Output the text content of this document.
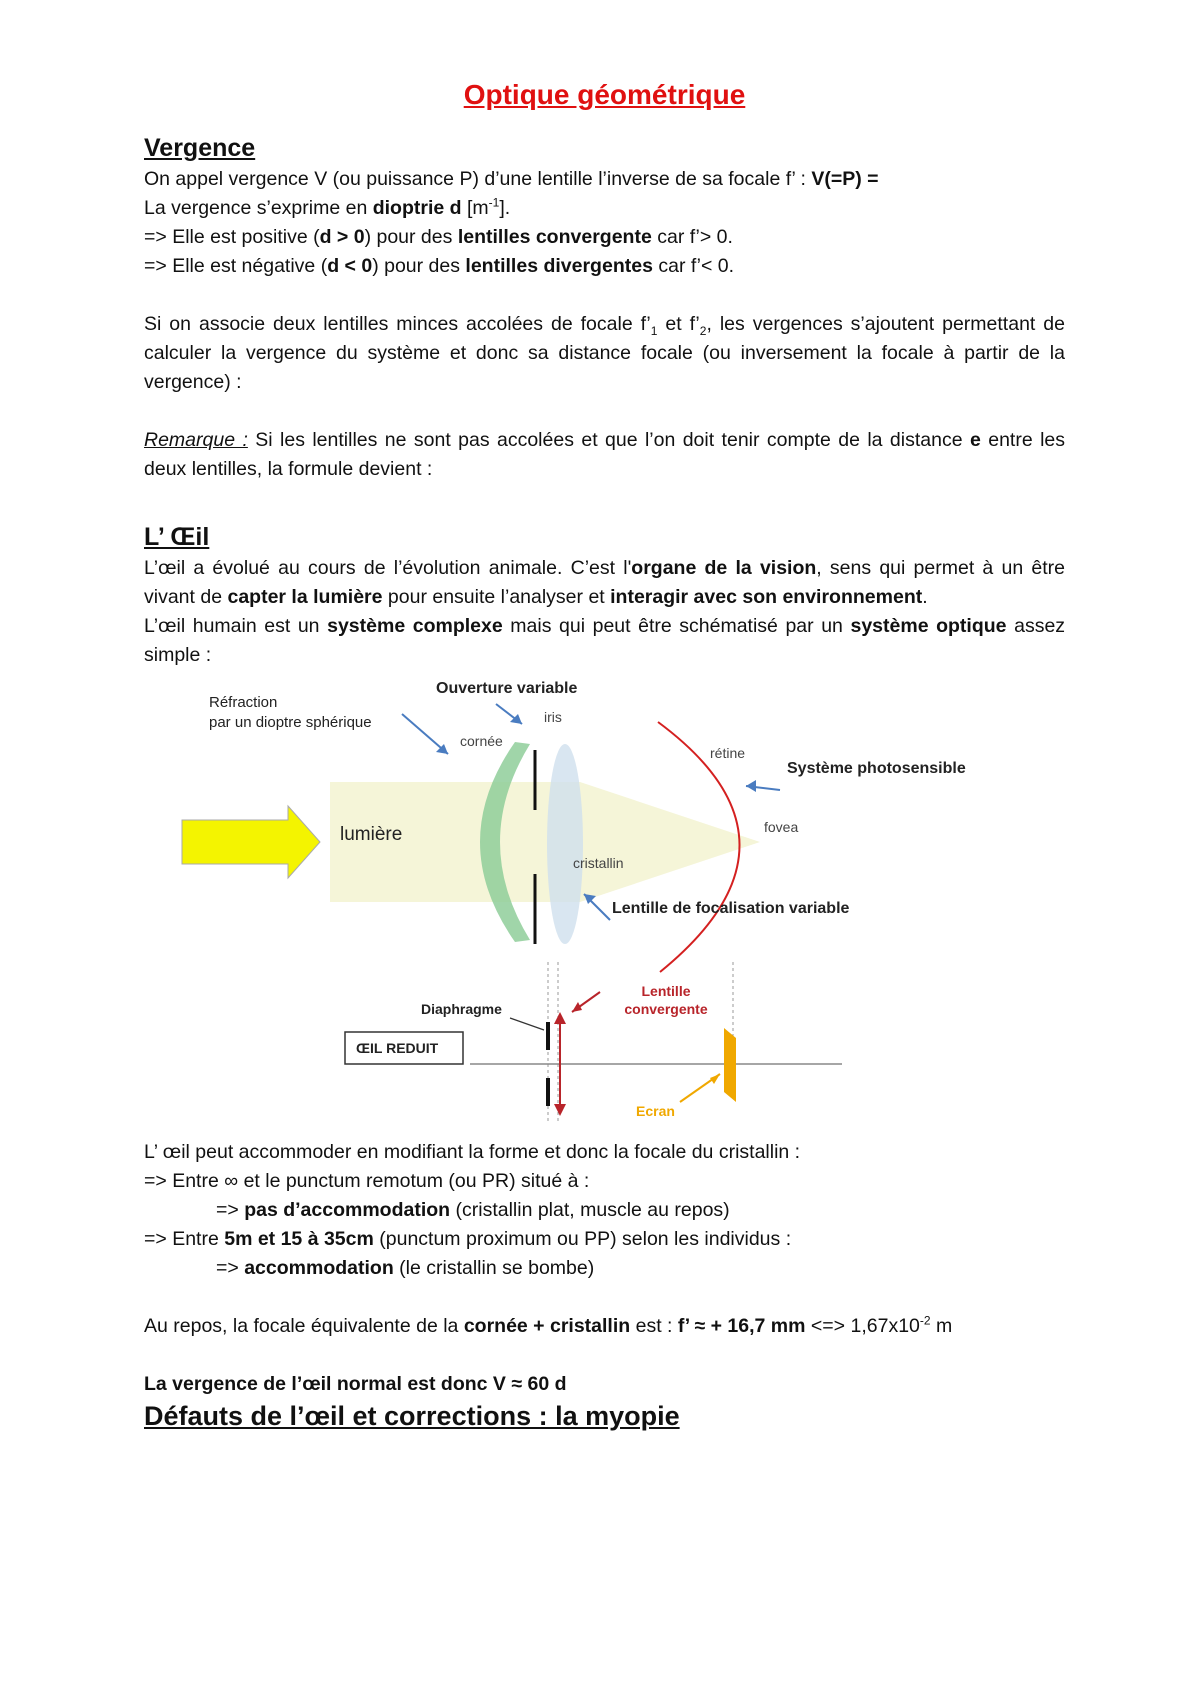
Optique géométrique
Vergence

On appel vergence V (ou puissance P) d’une lentille l’inverse de sa focale f’ : V(=P) =

La vergence s’exprime en dioptrie d $[m^{-1}]$.

=> Elle est positive (d > 0) pour des lentilles convergente car f’> 0.

=> Elle est négative (d < 0) pour des lentilles divergentes car f’< 0.

Si on associe deux lentilles minces accolées de focale $f’_1$ et $f’_2$, les vergences s’ajoutent permettant de calculer la vergence du système et donc sa distance focale (ou inversement la focale à partir de la vergence) :

Remarque : Si les lentilles ne sont pas accolées et que l’on doit tenir compte de la distance e entre les deux lentilles, la formule devient :

L’ Œil

L’œil a évolué au cours de l’évolution animale. C’est l'organe de la vision, sens qui permet à un être vivant de capter la lumière pour ensuite l’analyser et interagir avec son environnement.

L’œil humain est un système complexe mais qui peut être schématisé par un système optique assez simple :

Réfraction
par un dioptre sphérique
Ouverture variable
iris
cornée
rétine
Système photosensible
lumière	fovea
cristallin
Lentille de focalisation variable
Diaphragme
Lentille
convergente
ŒIL REDUIT
Ecran

L’ œil peut accommoder en modifiant la forme et donc la focale du cristallin :

=> Entre ∞ et le punctum remotum (ou PR) situé à :

=> pas d’accommodation (cristallin plat, muscle au repos)

=> Entre 5m et 15 à 35cm (punctum proximum ou PP) selon les individus :

=> accommodation (le cristallin se bombe)

Au repos, la focale équivalente de la cornée + cristallin est : f’ ≈ + 16,7 mm <=> $1,67x10^{-2}$ m

La vergence de l’œil normal est donc V ≈ 60 d

Défauts de l’œil et corrections : la myopie
